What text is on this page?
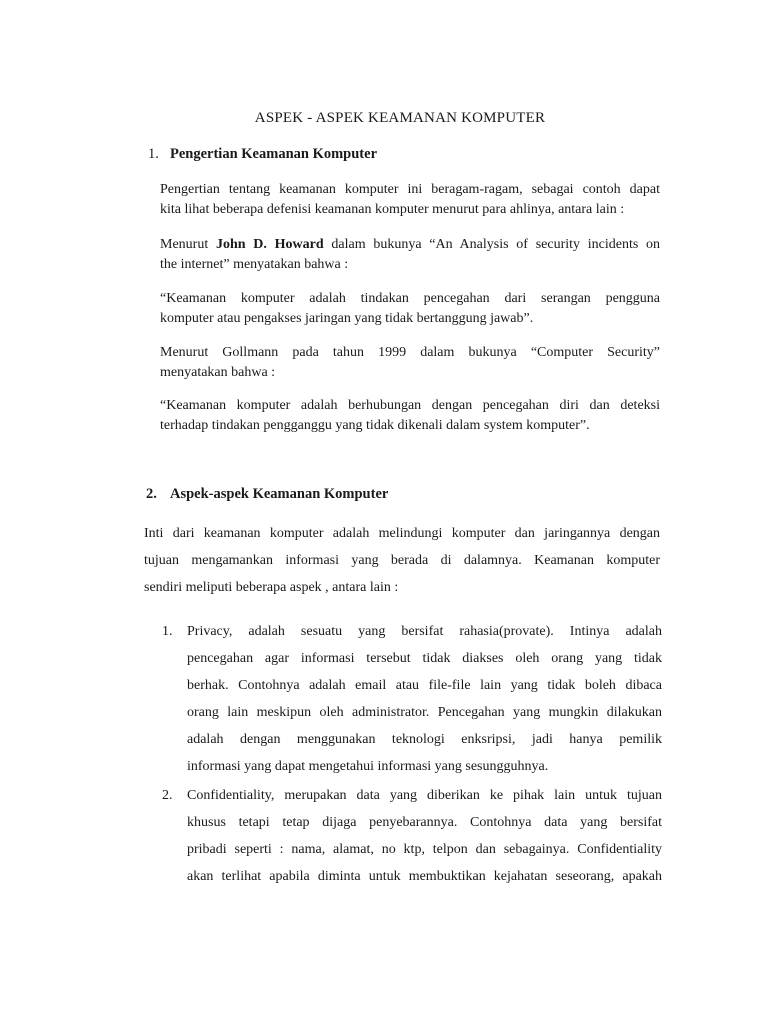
ASPEK - ASPEK KEAMANAN KOMPUTER
1. Pengertian Keamanan Komputer
Pengertian tentang keamanan komputer ini beragam-ragam, sebagai contoh dapat
kita lihat beberapa defenisi keamanan komputer menurut para ahlinya, antara lain :
Menurut John D. Howard dalam bukunya “An Analysis of security incidents on
the internet” menyatakan bahwa :
“Keamanan komputer adalah tindakan pencegahan dari serangan pengguna
komputer atau pengakses jaringan yang tidak bertanggung jawab”.
Menurut Gollmann pada tahun 1999 dalam bukunya “Computer Security”
menyatakan bahwa :
“Keamanan komputer adalah berhubungan dengan pencegahan diri dan deteksi
terhadap tindakan pengganggu yang tidak dikenali dalam system komputer”.
2. Aspek-aspek Keamanan Komputer
Inti dari keamanan komputer adalah melindungi komputer dan jaringannya dengan
tujuan mengamankan informasi yang berada di dalamnya. Keamanan komputer
sendiri meliputi beberapa aspek , antara lain :
1. Privacy, adalah sesuatu yang bersifat rahasia(provate). Intinya adalah
pencegahan agar informasi tersebut tidak diakses oleh orang yang tidak
berhak. Contohnya adalah email atau file-file lain yang tidak boleh dibaca
orang lain meskipun oleh administrator. Pencegahan yang mungkin dilakukan
adalah dengan menggunakan teknologi enksripsi, jadi hanya pemilik
informasi yang dapat mengetahui informasi yang sesungguhnya.
2. Confidentiality, merupakan data yang diberikan ke pihak lain untuk tujuan
khusus tetapi tetap dijaga penyebarannya. Contohnya data yang bersifat
pribadi seperti : nama, alamat, no ktp, telpon dan sebagainya. Confidentiality
akan terlihat apabila diminta untuk membuktikan kejahatan seseorang, apakah
